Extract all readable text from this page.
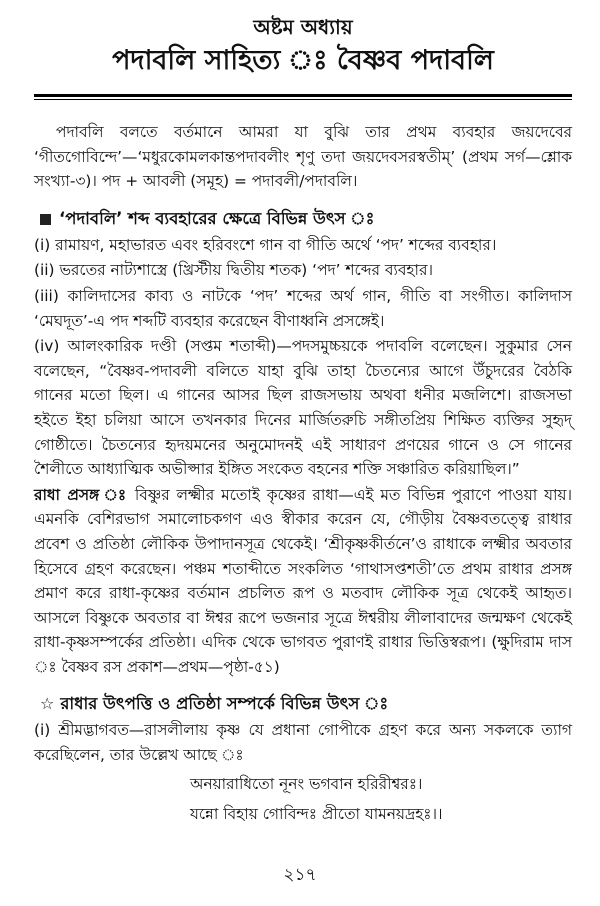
অষ্টম অধ্যায়
পদাবলি সাহিত্য ঃ বৈষ্ণব পদাবলি

পদাবলি বলতে বর্তমানে আমরা যা বুঝি তার প্রথম ব্যবহার জয়দেবের ‘গীতগোবিন্দে’—‘মধুরকোমলকান্তপদাবলীং শৃণু তদা জয়দেবসরস্বতীম্’ (প্রথম সর্গ—শ্লোক সংখ্যা-৩)। পদ + আবলী (সমূহ) = পদাবলী/পদাবলি।

‘পদাবলি’ শব্দ ব্যবহারের ক্ষেত্রে বিভিন্ন উৎস ঃ
(i) রামায়ণ, মহাভারত এবং হরিবংশে গান বা গীতি অর্থে ‘পদ’ শব্দের ব্যবহার।
(ii) ভরতের নাট্যশাস্ত্রে (খ্রিস্টীয় দ্বিতীয় শতক) ‘পদ’ শব্দের ব্যবহার।
(iii) কালিদাসের কাব্য ও নাটকে ‘পদ’ শব্দের অর্থ গান, গীতি বা সংগীত। কালিদাস ‘মেঘদূত’-এ পদ শব্দটি ব্যবহার করেছেন বীণাধ্বনি প্রসঙ্গেই।
(iv) আলংকারিক দণ্ডী (সপ্তম শতাব্দী)—পদসমুচ্চয়কে পদাবলি বলেছেন। সুকুমার সেন বলেছেন, “বৈষ্ণব-পদাবলী বলিতে যাহা বুঝি তাহা চৈতন্যের আগে উঁচুদরের বৈঠকি গানের মতো ছিল। এ গানের আসর ছিল রাজসভায় অথবা ধনীর মজলিশে। রাজসভা হইতে ইহা চলিয়া আসে তখনকার দিনের মার্জিতরুচি সঙ্গীতপ্রিয় শিক্ষিত ব্যক্তির সুহৃদ্ গোষ্ঠীতে। চৈতন্যের হৃদয়মনের অনুমোদনই এই সাধারণ প্রণয়ের গানে ও সে গানের শৈলীতে আধ্যাত্মিক অভীপ্সার ইঙ্গিত সংকেত বহনের শক্তি সঞ্চারিত করিয়াছিল।”
রাধা প্রসঙ্গ ঃ বিষ্ণুর লক্ষ্মীর মতোই কৃষ্ণের রাধা—এই মত বিভিন্ন পুরাণে পাওয়া যায়। এমনকি বেশিরভাগ সমালোচকগণ এও স্বীকার করেন যে, গৌড়ীয় বৈষ্ণবতত্ত্বে রাধার প্রবেশ ও প্রতিষ্ঠা লৌকিক উপাদানসূত্র থেকেই। ‘শ্রীকৃষ্ণকীর্তনে’ও রাধাকে লক্ষ্মীর অবতার হিসেবে গ্রহণ করেছেন। পঞ্চম শতাব্দীতে সংকলিত ‘গাথাসপ্তশতী’তে প্রথম রাধার প্রসঙ্গ প্রমাণ করে রাধা-কৃষ্ণের বর্তমান প্রচলিত রূপ ও মতবাদ লৌকিক সূত্র থেকেই আহৃত। আসলে বিষ্ণুকে অবতার বা ঈশ্বর রূপে ভজনার সূত্রে ঈশ্বরীয় লীলাবাদের জন্মক্ষণ থেকেই রাধা-কৃষ্ণসম্পর্কের প্রতিষ্ঠা। এদিক থেকে ভাগবত পুরাণই রাধার ভিত্তিস্বরূপ। (ক্ষুদিরাম দাস ঃ বৈষ্ণব রস প্রকাশ—প্রথম—পৃষ্ঠা-৫১)
☆ রাধার উৎপত্তি ও প্রতিষ্ঠা সম্পর্কে বিভিন্ন উৎস ঃ
(i) শ্রীমদ্ভাগবত—রাসলীলায় কৃষ্ণ যে প্রধানা গোপীকে গ্রহণ করে অন্য সকলকে ত্যাগ করেছিলেন, তার উল্লেখ আছে ঃ
অনয়ারাধিতো নূনং ভগবান হরিরীশ্বরঃ।
যন্নো বিহায় গোবিন্দঃ প্রীতো যামনয়দ্রহঃ।।
২১৭
